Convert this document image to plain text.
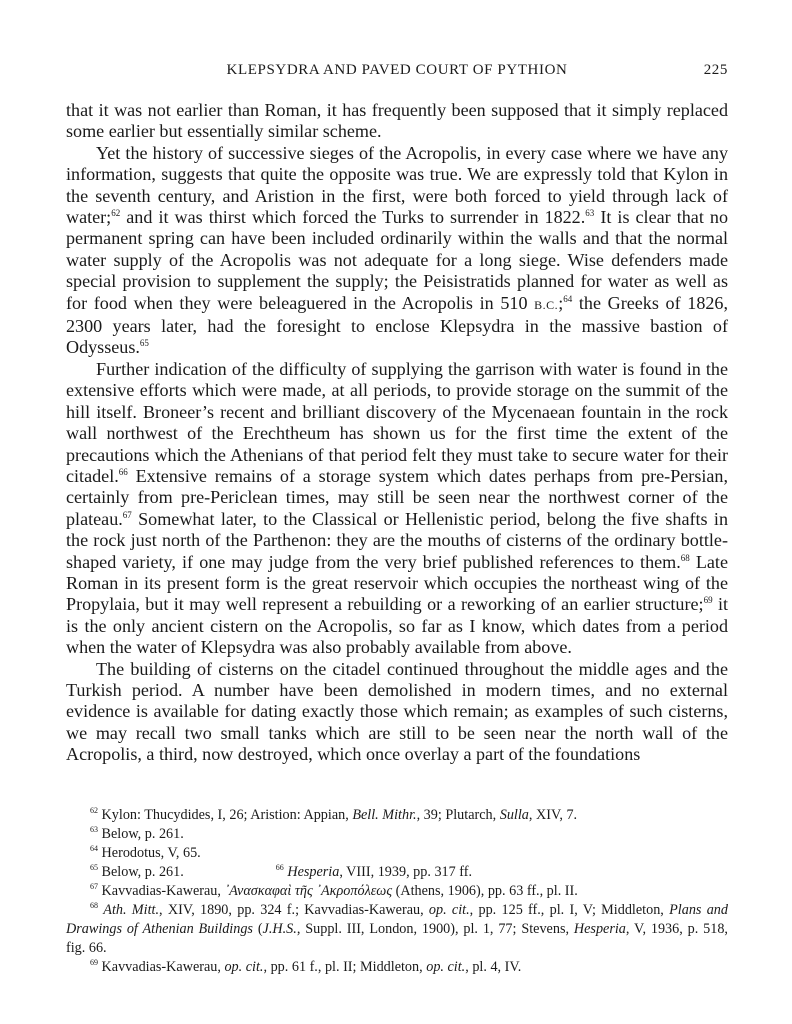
KLEPSYDRA AND PAVED COURT OF PYTHION	225

that it was not earlier than Roman, it has frequently been supposed that it simply replaced some earlier but essentially similar scheme.

Yet the history of successive sieges of the Acropolis, in every case where we have any information, suggests that quite the opposite was true. We are expressly told that Kylon in the seventh century, and Aristion in the first, were both forced to yield through lack of water;$^{62}$ and it was thirst which forced the Turks to surrender in 1822.63 It is clear that no permanent spring can have been included ordinarily within the walls and that the normal water supply of the Acropolis was not adequate for a long siege. Wise defenders made special provision to supplement the supply; the Peisistratids planned for water as well as for food when they were beleaguered in the Acropolis in 510 B.C.;$^{64}$ the Greeks of 1826, 2300 years later, had the foresight to enclose Klepsydra in the massive bastion of Odysseus.$^{65}$

Further indication of the difficulty of supplying the garrison with water is found in the extensive efforts which were made, at all periods, to provide storage on the summit of the hill itself. Broneer’s recent and brilliant discovery of the Mycenaean fountain in the rock wall northwest of the Erechtheum has shown us for the first time the extent of the precautions which the Athenians of that period felt they must take to secure water for their citadel.$^{66}$ Extensive remains of a storage system which dates perhaps from pre-Persian, certainly from pre-Periclean times, may still be seen near the northwest corner of the plateau.$^{67}$ Somewhat later, to the Classical or Hellenistic period, belong the five shafts in the rock just north of the Parthenon: they are the mouths of cisterns of the ordinary bottle-shaped variety, if one may judge from the very brief published references to them.$^{68}$ Late Roman in its present form is the great reservoir which occupies the northeast wing of the Propylaia, but it may well represent a rebuilding or a reworking of an earlier structure;$^{69}$ it is the only ancient cistern on the Acropolis, so far as I know, which dates from a period when the water of Klepsydra was also probably available from above.

The building of cisterns on the citadel continued throughout the middle ages and the Turkish period. A number have been demolished in modern times, and no external evidence is available for dating exactly those which remain; as examples of such cisterns, we may recall two small tanks which are still to be seen near the north wall of the Acropolis, a third, now destroyed, which once overlay a part of the foundations

$^{62}$ Kylon: Thucydides, I, 26; Aristion: Appian, Bell. Mithr., 39; Plutarch, Sulla, XIV, 7.

$^{63}$ Below, p. 261.

$^{64}$ Herodotus, V, 65.

$^{65}$ Below, p. 261.	$^{66}$ Hesperia, VIII, 1939, pp. 317 ff.

$^{67}$ Kavvadias-Kawerau, ᾽Ανασκαφαὶ τῆς ᾽Ακροπόλεως (Athens, 1906), pp. 63 ff., pl. II.

$^{68}$ Ath. Mitt., XIV, 1890, pp. 324 f.; Kavvadias-Kawerau, op. cit., pp. 125 ff., pl. I, V; Middleton, Plans and Drawings of Athenian Buildings (J.H.S., Suppl. III, London, 1900), pl. 1, 77; Stevens, Hesperia, V, 1936, p. 518, fig. 66.

$^{69}$ Kavvadias-Kawerau, op. cit., pp. 61 f., pl. II; Middleton, op. cit., pl. 4, IV.
